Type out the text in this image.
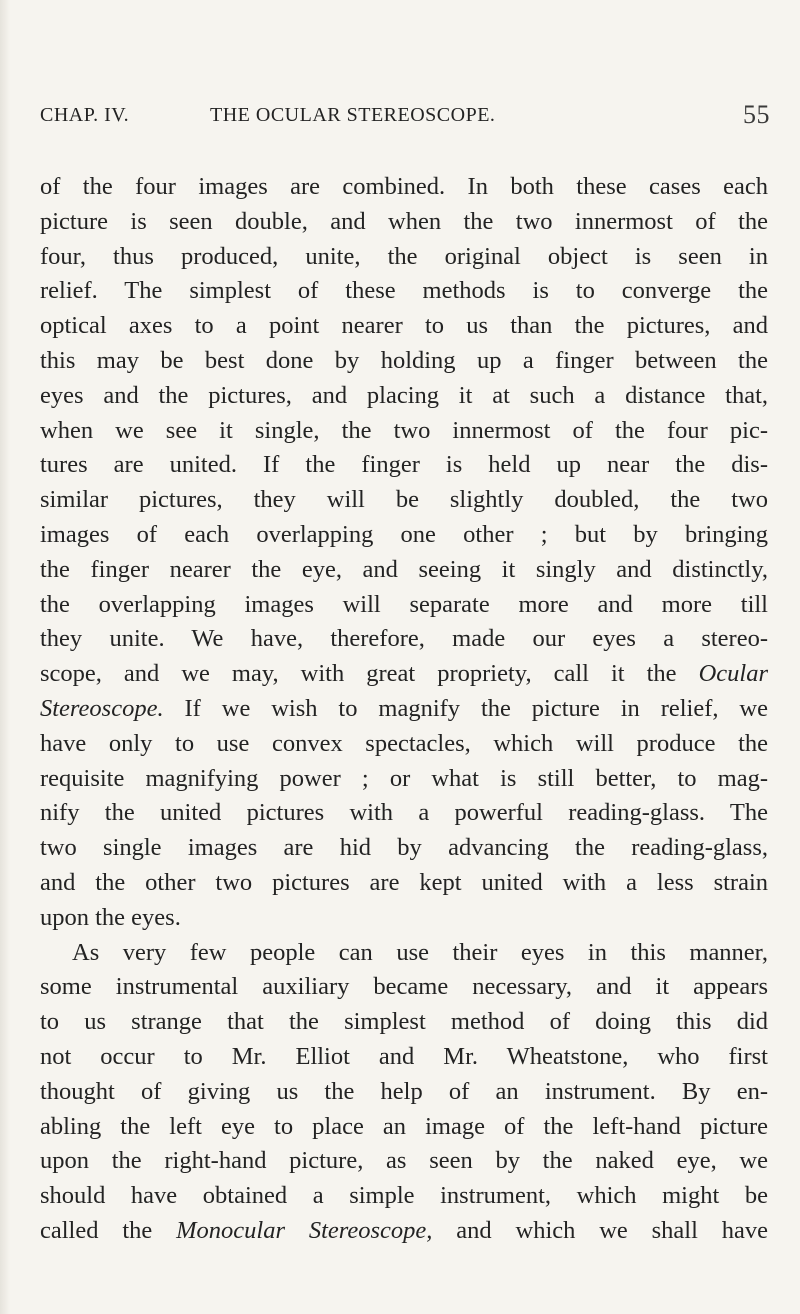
CHAP. IV.	THE OCULAR STEREOSCOPE.	55

of the four images are combined. In both these cases each

picture is seen double, and when the two innermost of the

four, thus produced, unite, the original object is seen in

relief. The simplest of these methods is to converge the

optical axes to a point nearer to us than the pictures, and

this may be best done by holding up a finger between the

eyes and the pictures, and placing it at such a distance that,

when we see it single, the two innermost of the four pic-

tures are united. If the finger is held up near the dis-

similar pictures, they will be slightly doubled, the two

images of each overlapping one other ; but by bringing

the finger nearer the eye, and seeing it singly and distinctly,

the overlapping images will separate more and more till

they unite. We have, therefore, made our eyes a stereo-

scope, and we may, with great propriety, call it the Ocular

Stereoscope. If we wish to magnify the picture in relief, we

have only to use convex spectacles, which will produce the

requisite magnifying power ; or what is still better, to mag-

nify the united pictures with a powerful reading-glass. The

two single images are hid by advancing the reading-glass,

and the other two pictures are kept united with a less strain

upon the eyes.

As very few people can use their eyes in this manner,

some instrumental auxiliary became necessary, and it appears

to us strange that the simplest method of doing this did

not occur to Mr. Elliot and Mr. Wheatstone, who first

thought of giving us the help of an instrument. By en-

abling the left eye to place an image of the left-hand picture

upon the right-hand picture, as seen by the naked eye, we

should have obtained a simple instrument, which might be

called the Monocular Stereoscope, and which we shall have
